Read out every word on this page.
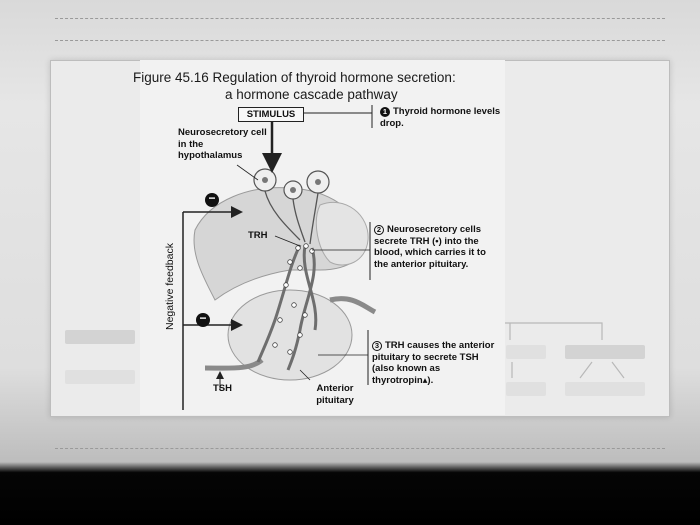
Figure 45.16 Regulation of thyroid hormone secretion:
a hormone cascade pathway
STIMULUS	1 Thyroid hormone levels drop.
Neurosecretory cell in the hypothalamus
TRH
2 Neurosecretory cells secrete TRH (•) into the blood, which carries it to the anterior pituitary.
3 TRH causes the anterior pituitary to secrete TSH (also known as thyrotropin▴).
TSH	Anterior pituitary
Negative feedback
−
−
